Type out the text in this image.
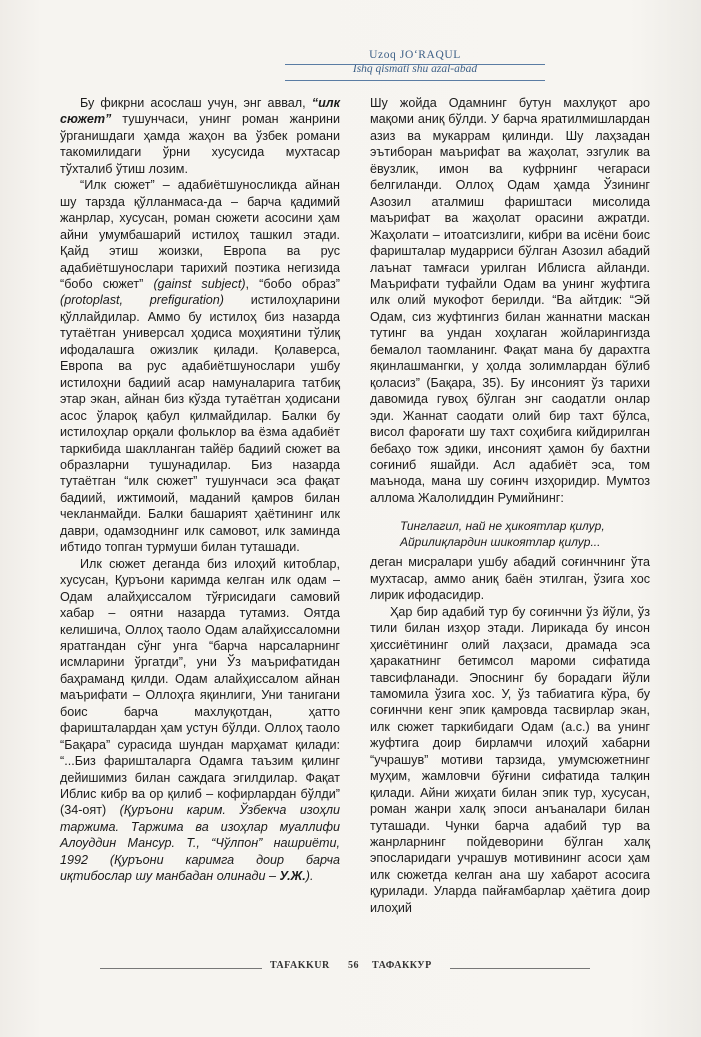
Uzoq JO‘RAQUL
Ishq qismati shu azal-abad

Бу фикрни асослаш учун, энг аввал, “илк сюжет” тушунчаси, унинг роман жанрини ўрганишдаги ҳамда жаҳон ва ўзбек романи такомилидаги ўрни хусусида мухтасар тўхталиб ўтиш лозим.

“Илк сюжет” – адабиётшуносликда айнан шу тарзда қўлланмаса-да – барча қадимий жанрлар, хусусан, роман сюжети асосини ҳам айни умумбашарий истилоҳ ташкил этади. Қайд этиш жоизки, Европа ва рус адабиётшунослари тарихий поэтика негизида “бобо сюжет” (gainst subject), “бобо образ” (protoplast, prefiguration) истилоҳларини қўллайдилар. Аммо бу истилоҳ биз назарда тутаётган универсал ҳодиса моҳиятини тўлиқ ифодалашга ожизлик қилади. Қолаверса, Европа ва рус адабиётшунослари ушбу истилоҳни бадиий асар намуналарига татбиқ этар экан, айнан биз кўзда тутаётган ҳодисани асос ўлароқ қабул қилмайдилар. Балки бу истилоҳлар орқали фольклор ва ёзма адабиёт таркибида шаклланган тайёр бадиий сюжет ва образларни тушунадилар. Биз назарда тутаётган “илк сюжет” тушунчаси эса фақат бадиий, ижтимоий, маданий қамров билан чекланмайди. Балки башарият ҳаётининг илк даври, одамзоднинг илк самовот, илк заминда ибтидо топган турмуши билан туташади.

Илк сюжет деганда биз илоҳий китоблар, хусусан, Қуръони каримда келган илк одам – Одам алайҳиссалом тўғрисидаги самовий хабар – оятни назарда тутамиз. Оятда келишича, Оллоҳ таоло Одам алайҳиссаломни яратгандан сўнг унга “барча нарсаларнинг исмларини ўргатди”, уни Ўз маърифатидан баҳраманд қилди. Одам алайҳиссалом айнан маърифати – Оллоҳга яқинлиги, Уни танигани боис барча махлуқотдан, ҳатто фаришталардан ҳам устун бўлди. Оллоҳ таоло “Бақара” сурасида шундан марҳамат қилади: “...Биз фаришталарга Одамга таъзим қилинг дейишимиз билан саждага эгилдилар. Фақат Иблис кибр ва ор қилиб – кофирлардан бўлди” (34-оят) (Қуръони карим. Ўзбекча изоҳли таржима. Таржима ва изоҳлар муаллифи Алоуддин Мансур. Т., “Чўлпон” нашриёти, 1992 (Қуръони каримга доир барча иқтибослар шу манбадан олинади – У.Ж.).

Шу жойда Одамнинг бутун махлуқот аро мақоми аниқ бўлди. У барча яратилмишлардан азиз ва мукаррам қилинди. Шу лаҳзадан эътиборан маърифат ва жаҳолат, эзгулик ва ёвузлик, имон ва куфрнинг чегараси белгиланди. Оллоҳ Одам ҳамда Ўзининг Азозил аталмиш фариштаси мисолида маърифат ва жаҳолат орасини ажратди. Жаҳолати – итоатсизлиги, кибри ва исёни боис фаришталар мударриси бўлган Азозил абадий лаънат тамғаси урилган Иблисга айланди. Маърифати туфайли Одам ва унинг жуфтига илк олий мукофот берилди. “Ва айтдик: “Эй Одам, сиз жуфтингиз билан жаннатни маскан тутинг ва ундан хоҳлаган жойларингизда бемалол таомланинг. Фақат мана бу дарахтга яқинлашмангки, у ҳолда золимлардан бўлиб қоласиз” (Бақара, 35). Бу инсоният ўз тарихи давомида гувоҳ бўлган энг саодатли онлар эди. Жаннат саодати олий бир тахт бўлса, висол фароғати шу тахт соҳибига кийдирилган бебаҳо тож эдики, инсоният ҳамон бу бахтни соғиниб яшайди. Асл адабиёт эса, том маънода, мана шу соғинч изҳоридир. Мумтоз аллома Жалолиддин Румийнинг:

Тинглагил, най не ҳикоятлар қилур,
Айрилиқлардин шикоятлар қилур...

деган мисралари ушбу абадий соғинчнинг ўта мухтасар, аммо аниқ баён этилган, ўзига хос лирик ифодасидир.

Ҳар бир адабий тур бу соғинчни ўз йўли, ўз тили билан изҳор этади. Лирикада бу инсон ҳиссиётининг олий лаҳзаси, драмада эса ҳаракатнинг бетимсол мароми сифатида тавсифланади. Эпоснинг бу борадаги йўли тамомила ўзига хос. У, ўз табиатига кўра, бу соғинчни кенг эпик қамровда тасвирлар экан, илк сюжет таркибидаги Одам (а.с.) ва унинг жуфтига доир бирламчи илоҳий хабарни “учрашув” мотиви тарзида, умумсюжетнинг муҳим, жамловчи бўғини сифатида талқин қилади. Айни жиҳати билан эпик тур, хусусан, роман жанри халқ эпоси анъаналари билан туташади. Чунки барча адабий тур ва жанрларнинг пойдеворини бўлган халқ эпосларидаги учрашув мотивининг асоси ҳам илк сюжетда келган ана шу хабарот асосига қурилади. Уларда пайғамбарлар ҳаётига доир илоҳий

TAFAKKUR 56 ТАФАККУР
